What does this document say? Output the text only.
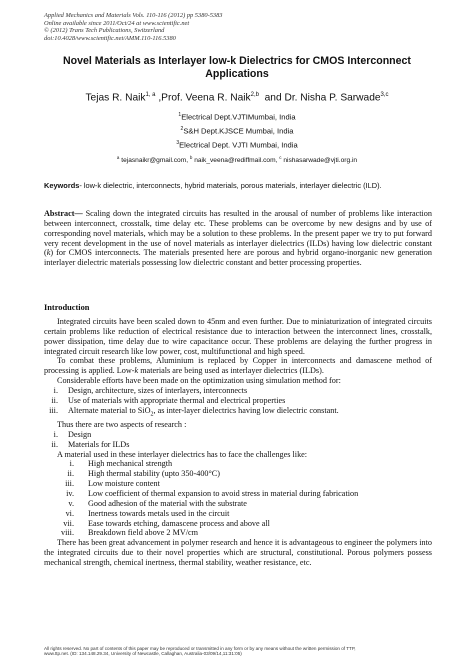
Applied Mechanics and Materials Vols. 110-116 (2012) pp 5380-5383
Online available since 2011/Oct/24 at www.scientific.net
© (2012) Trans Tech Publications, Switzerland
doi:10.4028/www.scientific.net/AMM.110-116.5380
Novel Materials as Interlayer low-k Dielectrics for CMOS Interconnect Applications
Tejas R. Naik$^{1, a}$ ,Prof. Veena R. Naik$^{2,b}$  and Dr. Nisha P. Sarwade$^{3,c}$
$^1$Electrical Dept.VJTIMumbai, India
$^2$S&H Dept.KJSCE Mumbai, India
$^3$Electrical Dept. VJTI Mumbai, India
$^a$ tejasnaikr@gmail.com, $^b$ naik_veena@rediffmail.com, $^c$ nishasarwade@vjti.org.in
Keywords- low-k dielectric, interconnects, hybrid materials, porous materials, interlayer dielectric (ILD).
Abstract— Scaling down the integrated circuits has resulted in the arousal of number of problems like interaction between interconnect, crosstalk, time delay etc. These problems can be overcome by new designs and by use of corresponding novel materials, which may be a solution to these problems. In the present paper we try to put forward very recent development in the use of novel materials as interlayer dielectrics (ILDs) having low dielectric constant (k) for CMOS interconnects. The materials presented here are porous and hybrid organo-inorganic new generation interlayer dielectric materials possessing low dielectric constant and better processing properties.
Introduction

Integrated circuits have been scaled down to 45nm and even further. Due to miniaturization of integrated circuits certain problems like reduction of electrical resistance due to interaction between the interconnect lines, crosstalk, power dissipation, time delay due to wire capacitance occur. These problems are delaying the further progress in integrated circuit research like low power, cost, multifunctional and high speed.

To combat these problems, Aluminium is replaced by Copper in interconnects and damascene method of processing is applied. Low-k materials are being used as interlayer dielectrics (ILDs).

Considerable efforts have been made on the optimization using simulation method for:

i. Design, architecture, sizes of interlayers, interconnects
ii. Use of materials with appropriate thermal and electrical properties
iii. Alternate material to SiO$_2$, as inter-layer dielectrics having low dielectric constant.

Thus there are two aspects of research :

i. Design
ii. Materials for ILDs

A material used in these interlayer dielectrics has to face the challenges like:

i. High mechanical strength
ii. High thermal stability (upto 350-400°C)
iii. Low moisture content
iv. Low coefficient of thermal expansion to avoid stress in material during fabrication
v. Good adhesion of the material with the substrate
vi. Inertness towards metals used in the circuit
vii. Ease towards etching, damascene process and above all
viii. Breakdown field above 2 MV/cm

There has been great advancement in polymer research and hence it is advantageous to engineer the polymers into the integrated circuits due to their novel properties which are structural, constitutional. Porous polymers possess mechanical strength, chemical inertness, thermal stability, weather resistance, etc.

All rights reserved. No part of contents of this paper may be reproduced or transmitted in any form or by any means without the written permission of TTP,
www.ttp.net. (ID: 134.148.29.34, University of Newcastle, Callaghan, Australia-03/09/14,11:31:05)
